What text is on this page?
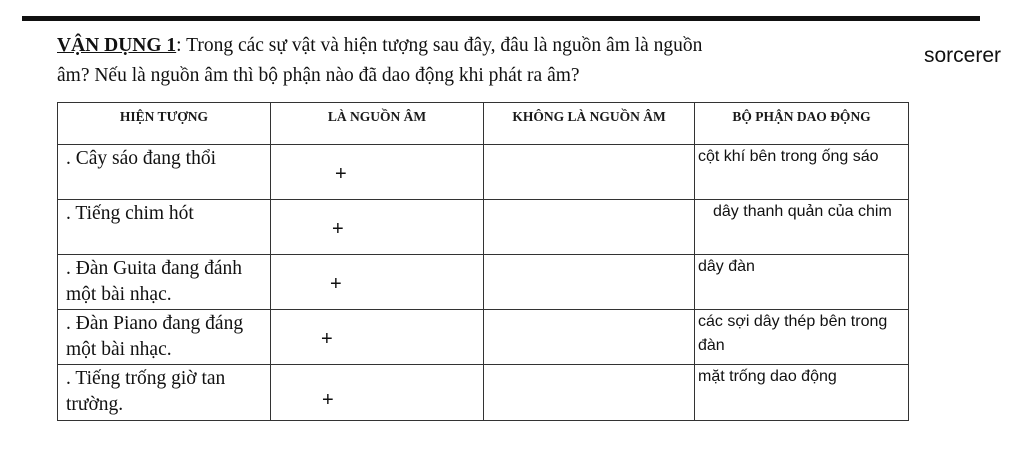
VẬN DỤNG 1: Trong các sự vật và hiện tượng sau đây, đâu là nguồn âm là nguồn
âm? Nếu là nguồn âm thì bộ phận nào đã dao động khi phát ra âm?
sorcerer
HIỆN TƯỢNG	LÀ NGUỒN ÂM	KHÔNG LÀ NGUỒN ÂM	BỘ PHẬN DAO ĐỘNG
. Cây sáo đang thổi	+		cột khí bên trong ống sáo
. Tiếng chim hót	+		dây thanh quản của chim
. Đàn Guita đang đánh một bài nhạc.	+		dây đàn
. Đàn Piano đang đáng một bài nhạc.	+		các sợi dây thép bên trong đàn
. Tiếng trống giờ tan trường.	+		mặt trống dao động
